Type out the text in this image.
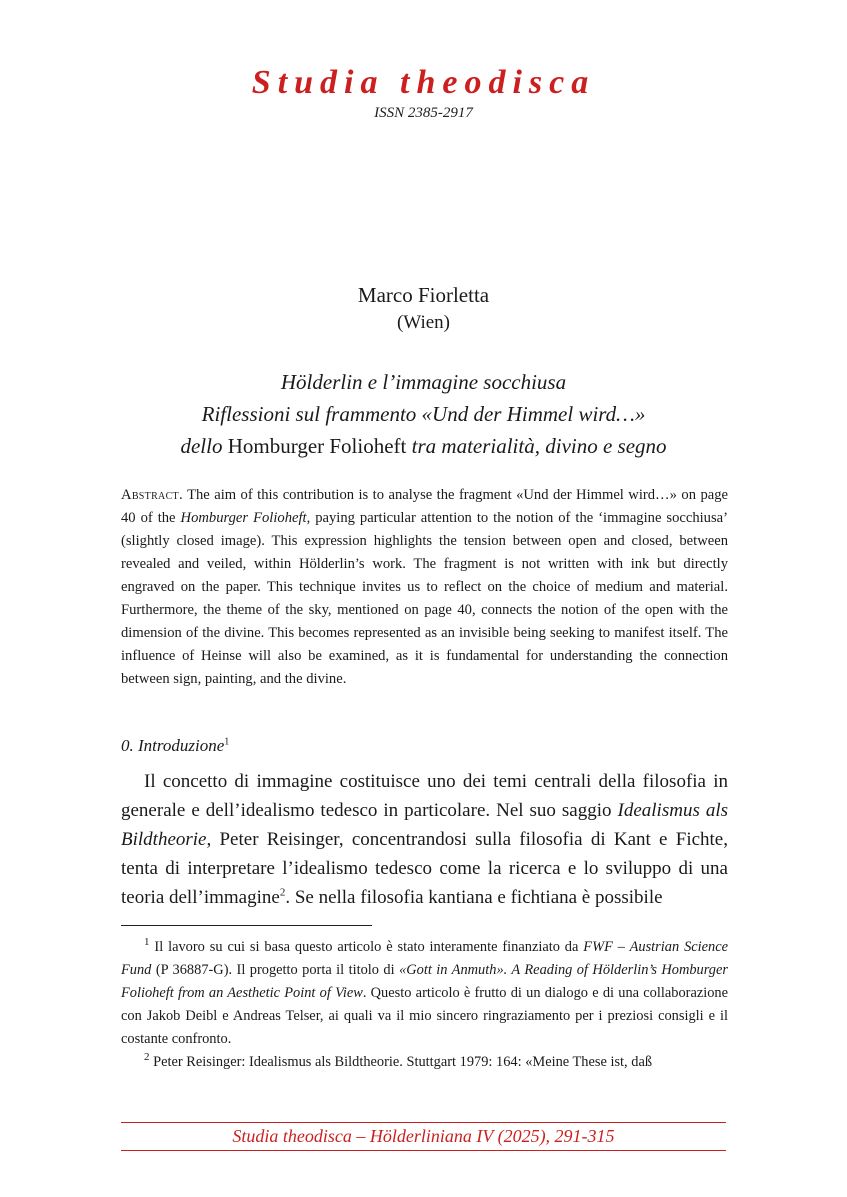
Studia theodisca
ISSN 2385-2917
Marco Fiorletta
(Wien)
Hölderlin e l’immagine socchiusa
Riflessioni sul frammento «Und der Himmel wird…»
dello Homburger Folioheft tra materialità, divino e segno
Abstract. The aim of this contribution is to analyse the fragment «Und der Himmel wird…» on page 40 of the Homburger Folioheft, paying particular attention to the notion of the ‘immagine socchiusa’ (slightly closed image). This expression highlights the tension between open and closed, between revealed and veiled, within Hölderlin’s work. The fragment is not written with ink but directly engraved on the paper. This technique invites us to reflect on the choice of medium and material. Furthermore, the theme of the sky, mentioned on page 40, connects the notion of the open with the dimension of the divine. This becomes represented as an invisible being seeking to manifest itself. The influence of Heinse will also be examined, as it is fundamental for understanding the connection between sign, painting, and the divine.
0. Introduzione$^1$
Il concetto di immagine costituisce uno dei temi centrali della filosofia in generale e dell’idealismo tedesco in particolare. Nel suo saggio Idealismus als Bildtheorie, Peter Reisinger, concentrandosi sulla filosofia di Kant e Fichte, tenta di interpretare l’idealismo tedesco come la ricerca e lo sviluppo di una teoria dell’immagine$^2$. Se nella filosofia kantiana e fichtiana è possibile

$^1$ Il lavoro su cui si basa questo articolo è stato interamente finanziato da FWF – Austrian Science Fund (P 36887-G). Il progetto porta il titolo di «Gott in Anmuth». A Reading of Hölderlin’s Homburger Folioheft from an Aesthetic Point of View. Questo articolo è frutto di un dialogo e di una collaborazione con Jakob Deibl e Andreas Telser, ai quali va il mio sincero ringraziamento per i preziosi consigli e il costante confronto.

$^2$ Peter Reisinger: Idealismus als Bildtheorie. Stuttgart 1979: 164: «Meine These ist, daß

Studia theodisca – Hölderliniana IV (2025), 291-315
